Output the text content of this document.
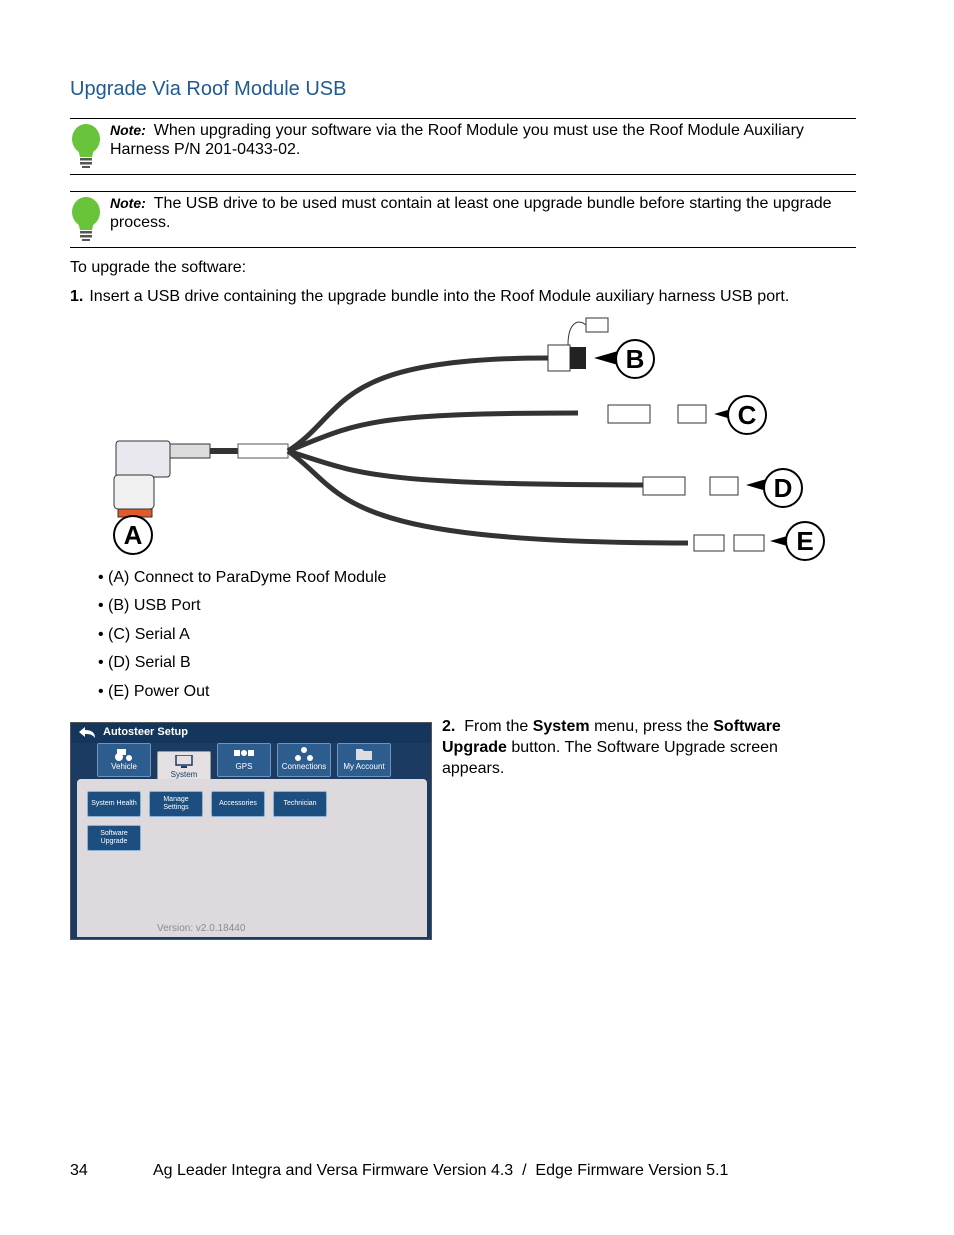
Upgrade Via Roof Module USB
Note: When upgrading your software via the Roof Module you must use the Roof Module Auxiliary Harness P/N 201-0433-02.
Note: The USB drive to be used must contain at least one upgrade bundle before starting the upgrade process.
To upgrade the software:
1. Insert a USB drive containing the upgrade bundle into the Roof Module auxiliary harness USB port.
A
B
C
D
E
• (A) Connect to ParaDyme Roof Module
• (B) USB Port
• (C) Serial A
• (D) Serial B
• (E) Power Out
Autosteer Setup
Vehicle
System
GPS	Connections	My Account
System Health
Manage Settings
Accessories	Technician
Software Upgrade
Version: v2.0.18440
2. From the System menu, press the Software Upgrade button. The Software Upgrade screen appears.
34	Ag Leader Integra and Versa Firmware Version 4.3  /  Edge Firmware Version 5.1
